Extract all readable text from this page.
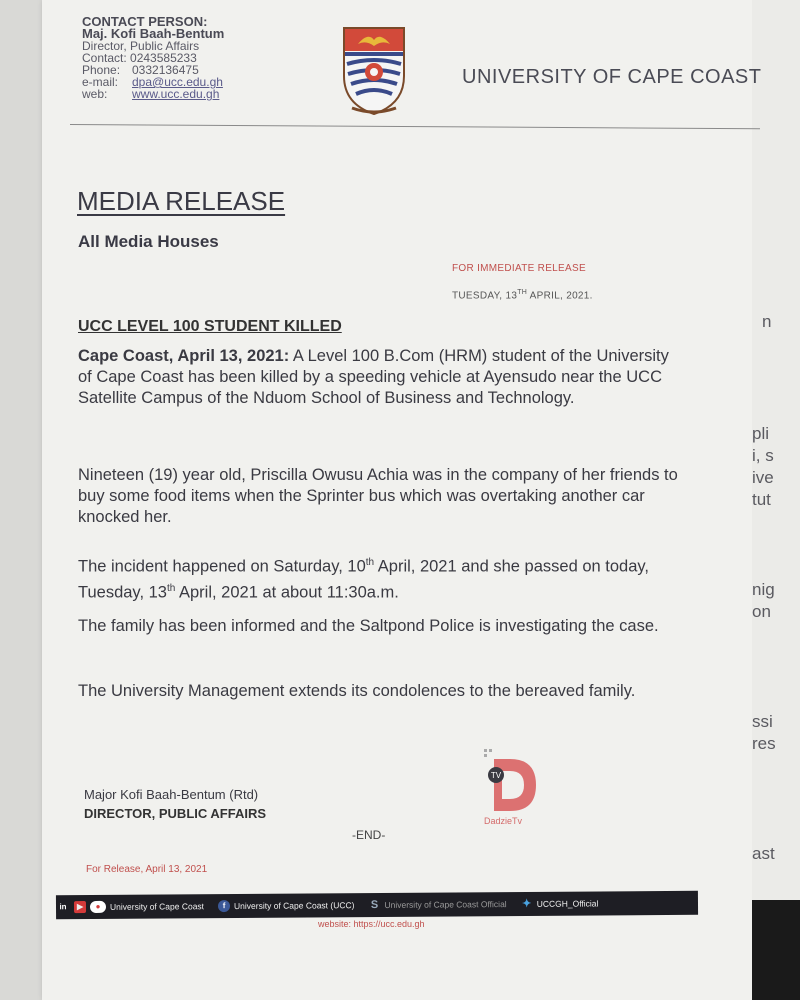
n
pli
i, s
ive
tut
nig
on
ssi
res
ast
CONTACT PERSON:
Maj. Kofi Baah-Bentum
Director, Public Affairs
Contact: 0243585233
Phone: 0332136475
e-mail:	dpa@ucc.edu.gh
web:	www.ucc.edu.gh
UNIVERSITY OF CAPE COAST
MEDIA RELEASE
All Media Houses
FOR IMMEDIATE RELEASE
TUESDAY, 13TH APRIL, 2021.
UCC LEVEL 100 STUDENT KILLED
Cape Coast, April 13, 2021: A Level 100 B.Com (HRM) student of the University of Cape Coast has been killed by a speeding vehicle at Ayensudo near the UCC Satellite Campus of the Nduom School of Business and Technology.
Nineteen (19) year old, Priscilla Owusu Achia was in the company of her friends to buy some food items when the Sprinter bus which was overtaking another car knocked her.
The incident happened on Saturday, 10th April, 2021 and she passed on today, Tuesday, 13th April, 2021 at about 11:30a.m.
The family has been informed and the Saltpond Police is investigating the case.
The University Management extends its condolences to the bereaved family.
Major Kofi Baah-Bentum (Rtd)
DIRECTOR, PUBLIC AFFAIRS
-END-
TV
DadzieTv
For Release, April 13, 2021
in	▶	●	University of Cape Coast	f	University of Cape Coast (UCC) S University of Cape Coast Official ✦ UCCGH_Official
website: https://ucc.edu.gh
